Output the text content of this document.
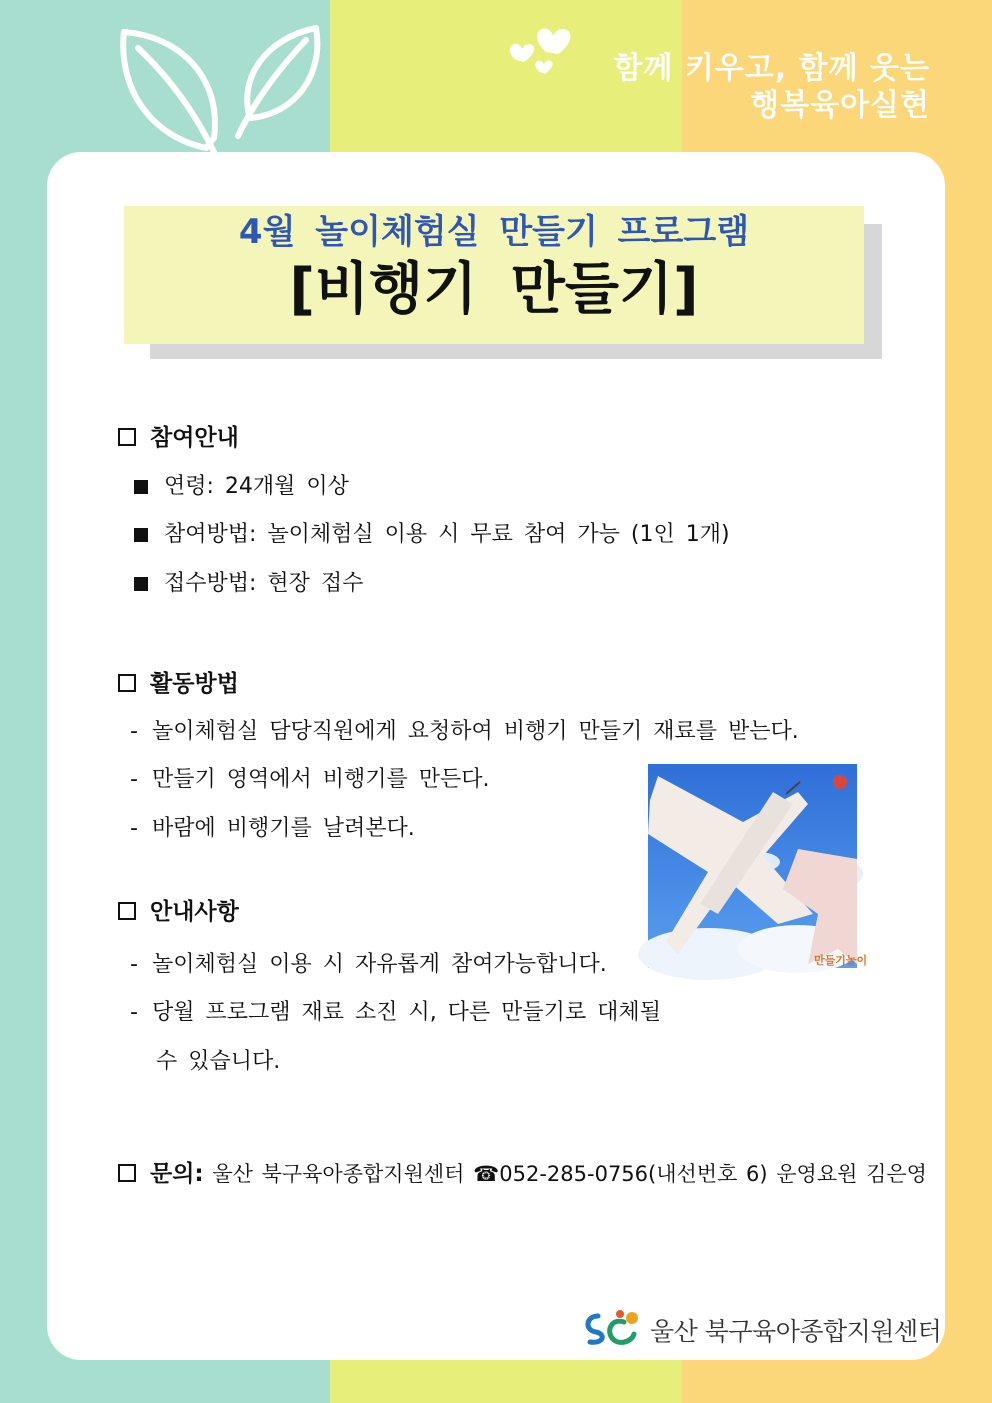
함께 키우고, 함께 웃는
행복육아실현
4월 놀이체험실 만들기 프로그램
[비행기 만들기]
참여안내
연령: 24개월 이상
참여방법: 놀이체험실 이용 시 무료 참여 가능 (1인 1개)
접수방법: 현장 접수
활동방법
- 놀이체험실 담당직원에게 요청하여 비행기 만들기 재료를 받는다.
- 만들기 영역에서 비행기를 만든다.
- 바람에 비행기를 날려본다.
안내사항
- 놀이체험실 이용 시 자유롭게 참여가능합니다.
- 당월 프로그램 재료 소진 시, 다른 만들기로 대체될
수 있습니다.
문의: 울산 북구육아종합지원센터 ☎052-285-0756(내선번호 6) 운영요원 김은영
만들기놀이
울산 북구육아종합지원센터
